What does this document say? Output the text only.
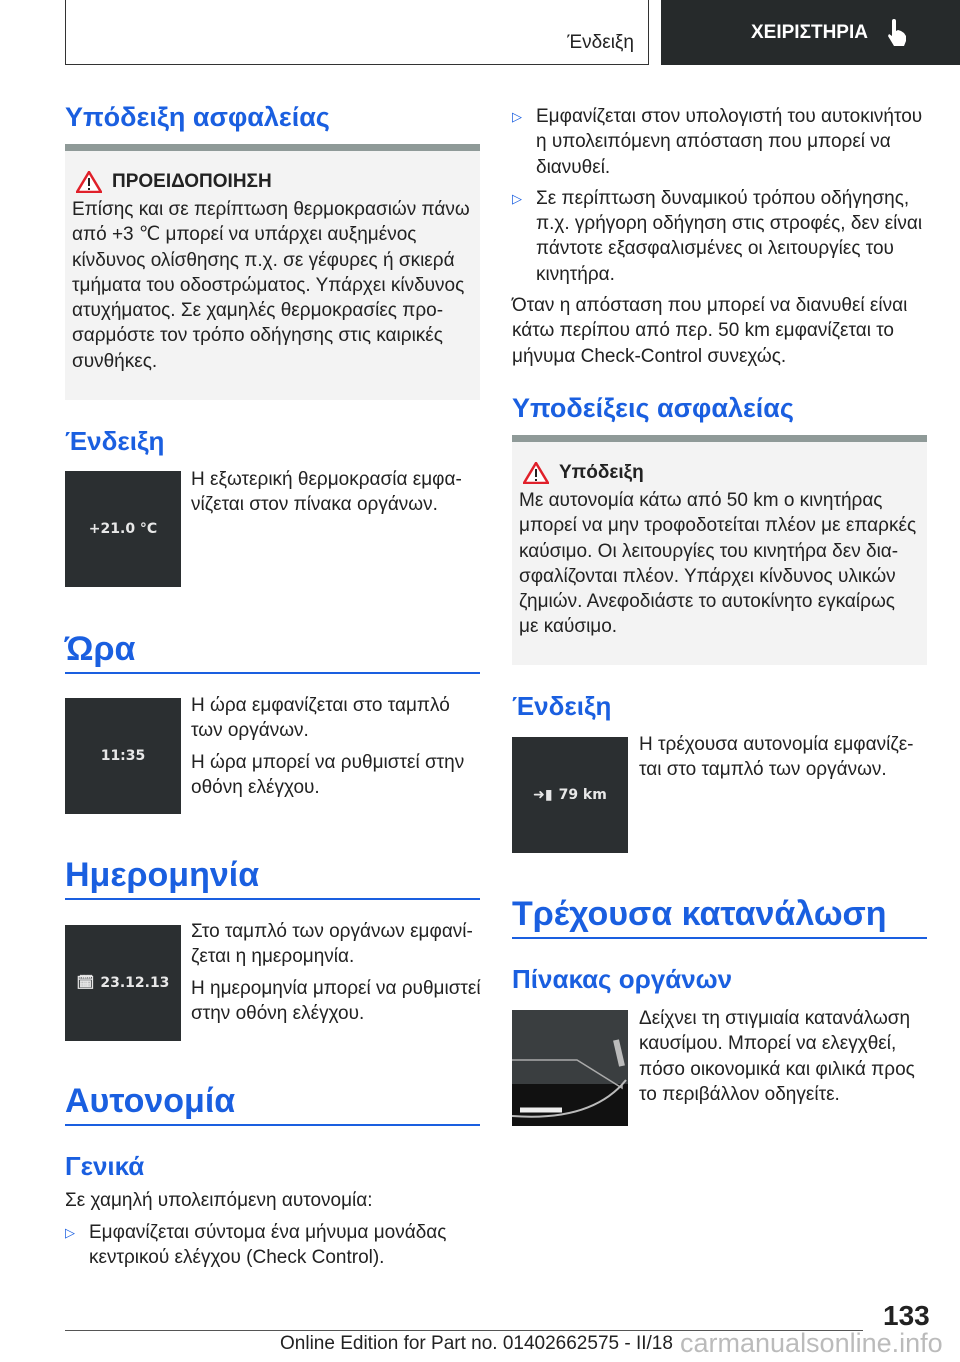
Ένδειξη	ΧΕΙΡΙΣΤΗΡΙΑ
Υπόδειξη ασφαλείας
ΠΡΟΕΙΔΟΠΟΙΗΣΗ
Επίσης και σε περίπτωση θερμοκρασιών πάνω από +3 ℃ μπορεί να υπάρχει αυξημένος κίνδυνος ολίσθησης π.χ. σε γέφυρες ή σκιερά τμήματα του οδοστρώματος. Υπάρχει κίνδυνος ατυχήματος. Σε χαμηλές θερμοκρασίες προσαρμόστε τον τρόπο οδήγησης στις καιρικές συνθήκες.
Ένδειξη
+21.0 °C
Η εξωτερική θερμοκρασία εμφανίζεται στον πίνακα οργάνων.
Ώρα
11:35
Η ώρα εμφανίζεται στο ταμπλό των οργάνων.
Η ώρα μπορεί να ρυθμιστεί στην οθόνη ελέγχου.
Ημερομηνία
🗓 23.12.13
Στο ταμπλό των οργάνων εμφανίζεται η ημερομηνία.
Η ημερομηνία μπορεί να ρυθμιστεί στην οθόνη ελέγχου.
Αυτονομία
Γενικά
Σε χαμηλή υπολειπόμενη αυτονομία:
▷ Εμφανίζεται σύντομα ένα μήνυμα μονάδας κεντρικού ελέγχου (Check Control).
▷ Εμφανίζεται στον υπολογιστή του αυτοκινήτου η υπολειπόμενη απόσταση που μπορεί να διανυθεί.
▷ Σε περίπτωση δυναμικού τρόπου οδήγησης, π.χ. γρήγορη οδήγηση στις στροφές, δεν είναι πάντοτε εξασφαλισμένες οι λειτουργίες του κινητήρα.
Όταν η απόσταση που μπορεί να διανυθεί είναι κάτω περίπου από περ. 50 km εμφανίζεται το μήνυμα Check-Control συνεχώς.
Υποδείξεις ασφαλείας
Υπόδειξη
Με αυτονομία κάτω από 50 km ο κινητήρας μπορεί να μην τροφοδοτείται πλέον με επαρκές καύσιμο. Οι λειτουργίες του κινητήρα δεν διασφαλίζονται πλέον. Υπάρχει κίνδυνος υλικών ζημιών. Ανεφοδιάστε το αυτοκίνητο εγκαίρως με καύσιμο.
Ένδειξη
➜▮ 79 km
Η τρέχουσα αυτονομία εμφανίζεται στο ταμπλό των οργάνων.
Τρέχουσα κατανάλωση
Πίνακας οργάνων
Δείχνει τη στιγμιαία κατανάλωση καυσίμου. Μπορεί να ελεγχθεί, πόσο οικονομικά και φιλικά προς το περιβάλλον οδηγείτε.
133
Online Edition for Part no. 01402662575 - II/18 carmanualsonline.info
